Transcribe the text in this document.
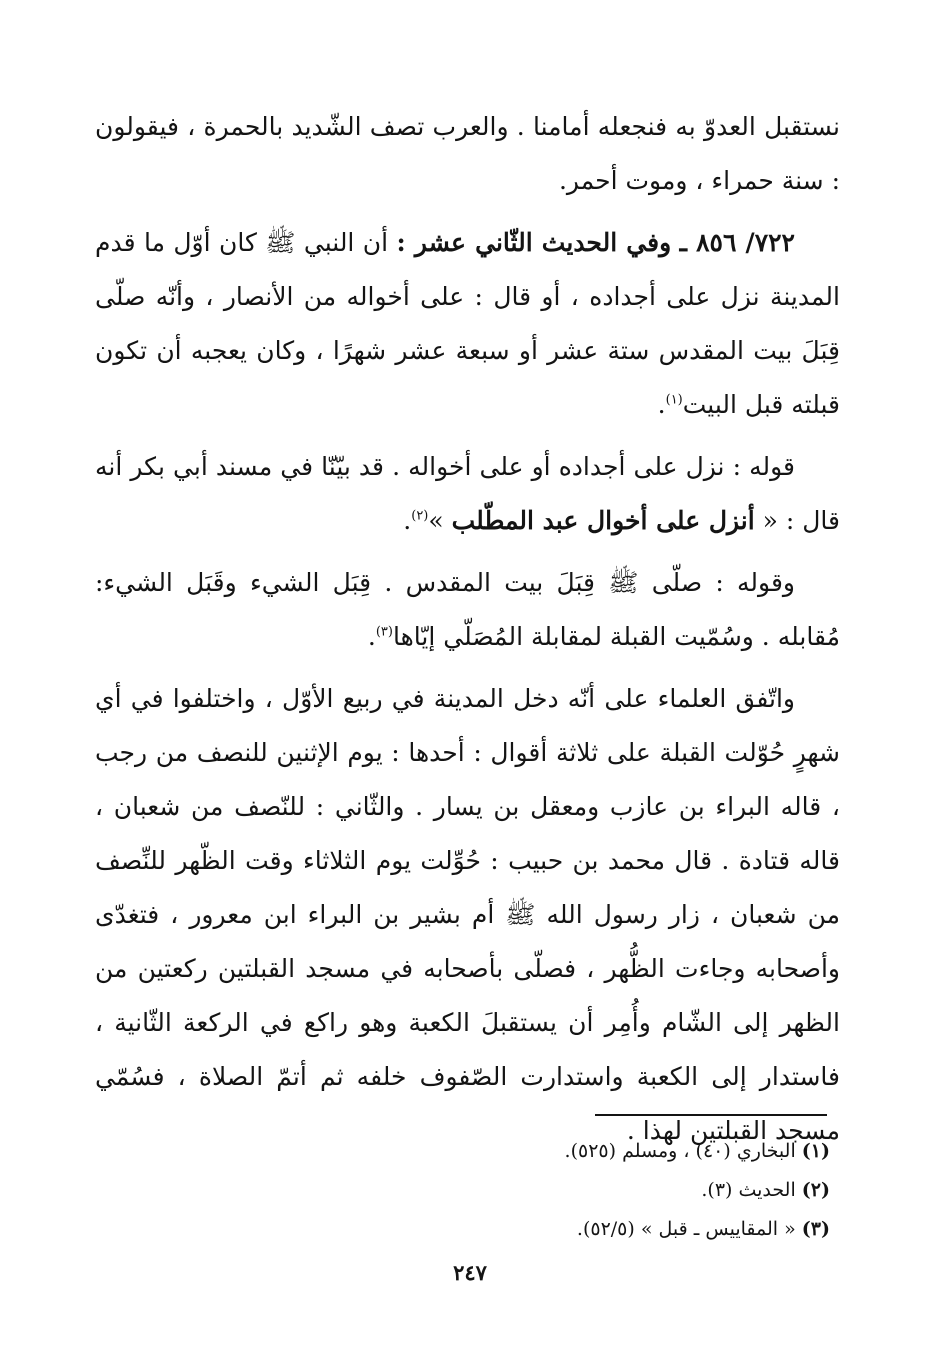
نستقبل العدوّ به فنجعله أمامنا . والعرب تصف الشّديد بالحمرة ، فيقولون : سنة حمراء ، وموت أحمر.

٧٢٢/ ٨٥٦ ـ وفي الحديث الثّاني عشر : أن النبي ﷺ كان أوّل ما قدم المدينة نزل على أجداده ، أو قال : على أخواله من الأنصار ، وأنّه صلّى قِبَلَ بيت المقدس ستة عشر أو سبعة عشر شهرًا ، وكان يعجبه أن تكون قبلته قبل البيت$^{(١)}$.

قوله : نزل على أجداده أو على أخواله . قد بيّنّا في مسند أبي بكر أنه قال : « أنزل على أخوال عبد المطّلب »$^{(٢)}$.

وقوله : صلّى ﷺ قِبَلَ بيت المقدس . قِبَل الشيء وقَبَل الشيء: مُقابله . وسُمّيت القبلة لمقابلة المُصَلّي إيّاها$^{(٣)}$.

واتّفق العلماء على أنّه دخل المدينة في ربيع الأوّل ، واختلفوا في أي شهرٍ حُوّلت القبلة على ثلاثة أقوال : أحدها : يوم الإثنين للنصف من رجب ، قاله البراء بن عازب ومعقل بن يسار . والثّاني : للنّصف من شعبان ، قاله قتادة . قال محمد بن حبيب : حُوِّلت يوم الثلاثاء وقت الظّهر للنِّصف من شعبان ، زار رسول الله ﷺ أم بشير بن البراء ابن معرور ، فتغدّى وأصحابه وجاءت الظُّهر ، فصلّى بأصحابه في مسجد القبلتين ركعتين من الظهر إلى الشّام وأُمِر أن يستقبلَ الكعبة وهو راكع في الركعة الثّانية ، فاستدار إلى الكعبة واستدارت الصّفوف خلفه ثم أتمّ الصلاة ، فسُمّي مسجد القبلتين لهذا .

(١) البخاري (٤٠) ، ومسلم (٥٢٥).

(٢) الحديث (٣).

(٣) « المقاييس ـ قبل » (٥٢/٥).

٢٤٧
